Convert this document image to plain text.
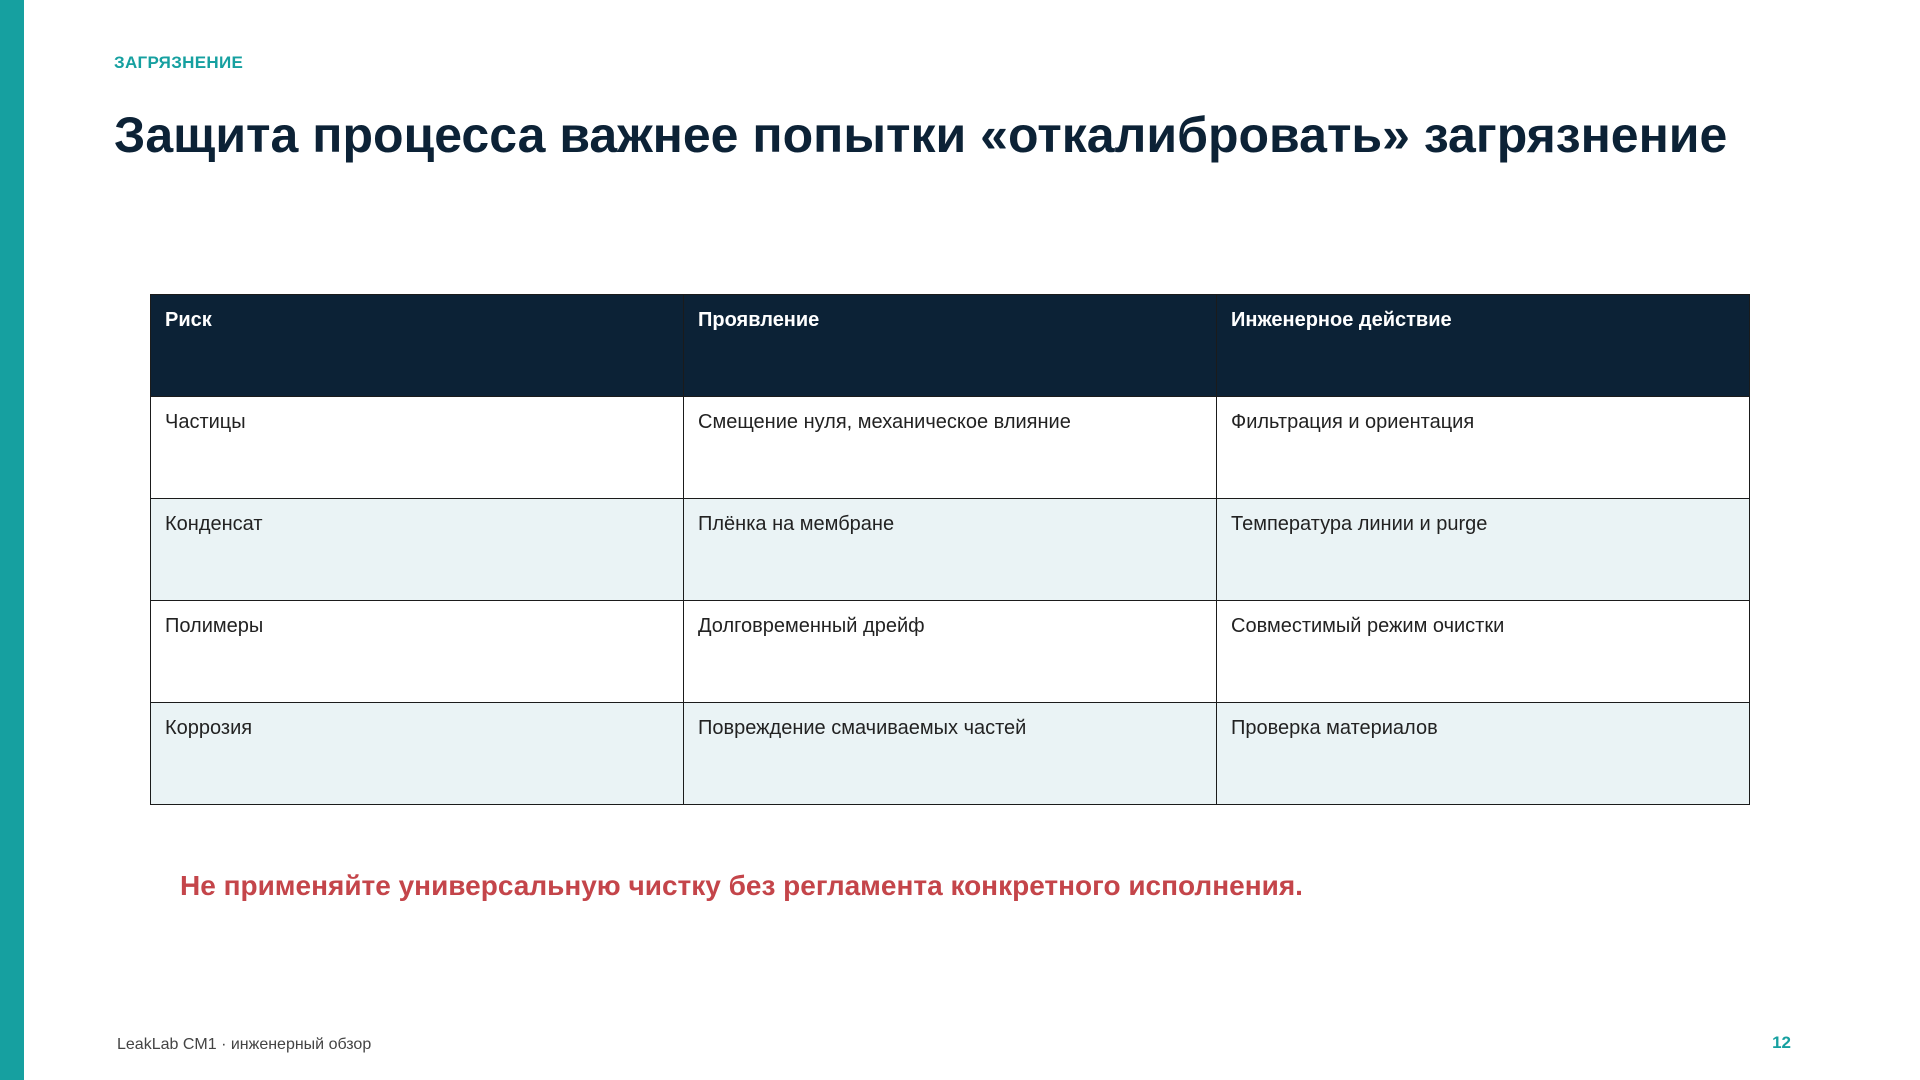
ЗАГРЯЗНЕНИЕ
Защита процесса важнее попытки «откалибровать» загрязнение
Риск	Проявление	Инженерное действие
Частицы	Смещение нуля, механическое влияние	Фильтрация и ориентация
Конденсат	Плёнка на мембране	Температура линии и purge
Полимеры	Долговременный дрейф	Совместимый режим очистки
Коррозия	Повреждение смачиваемых частей	Проверка материалов
Не применяйте универсальную чистку без регламента конкретного исполнения.
LeakLab CM1 · инженерный обзор	12
